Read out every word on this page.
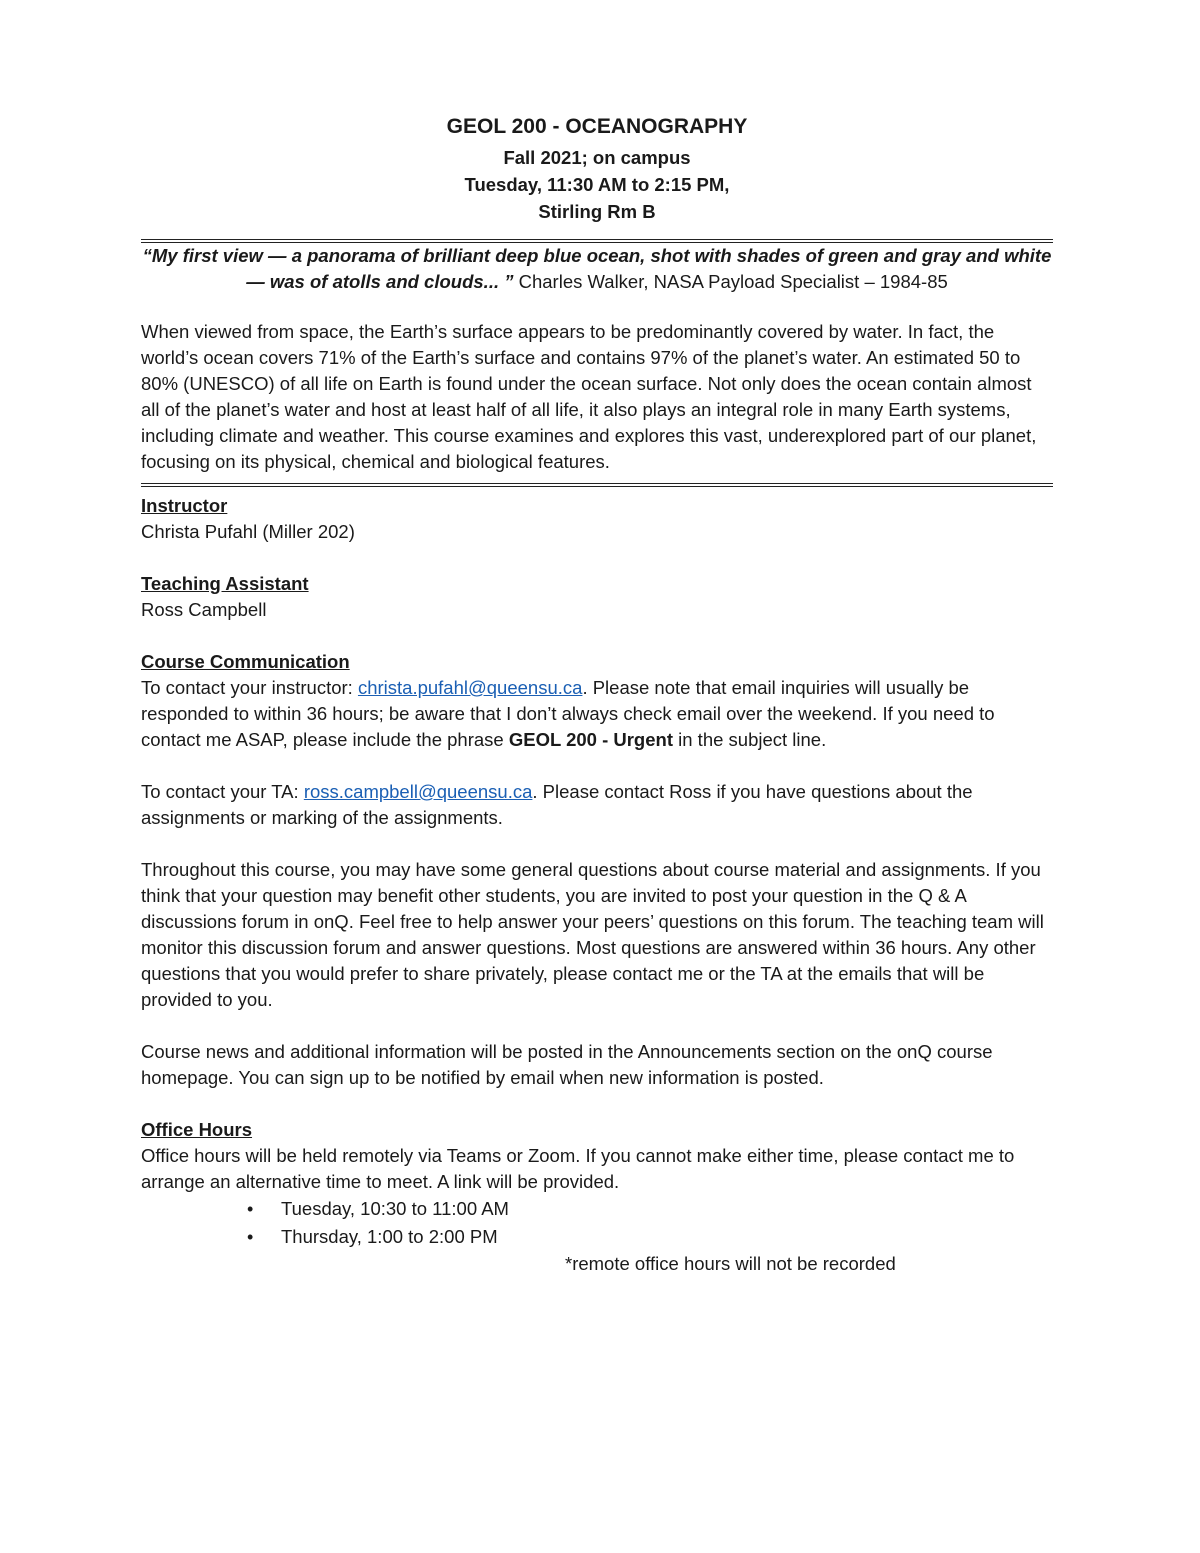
GEOL 200 - OCEANOGRAPHY
Fall 2021; on campus
Tuesday, 11:30 AM to 2:15 PM,
Stirling Rm B

“My first view — a panorama of brilliant deep blue ocean, shot with shades of green and gray and white — was of atolls and clouds... ” Charles Walker, NASA Payload Specialist – 1984-85

When viewed from space, the Earth’s surface appears to be predominantly covered by water. In fact, the world’s ocean covers 71% of the Earth’s surface and contains 97% of the planet’s water. An estimated 50 to 80% (UNESCO) of all life on Earth is found under the ocean surface. Not only does the ocean contain almost all of the planet’s water and host at least half of all life, it also plays an integral role in many Earth systems, including climate and weather. This course examines and explores this vast, underexplored part of our planet, focusing on its physical, chemical and biological features.

Instructor
Christa Pufahl (Miller 202)
Teaching Assistant
Ross Campbell
Course Communication

To contact your instructor: christa.pufahl@queensu.ca. Please note that email inquiries will usually be responded to within 36 hours; be aware that I don’t always check email over the weekend. If you need to contact me ASAP, please include the phrase GEOL 200 - Urgent in the subject line.

To contact your TA: ross.campbell@queensu.ca. Please contact Ross if you have questions about the assignments or marking of the assignments.

Throughout this course, you may have some general questions about course material and assignments. If you think that your question may benefit other students, you are invited to post your question in the Q & A discussions forum in onQ. Feel free to help answer your peers’ questions on this forum. The teaching team will monitor this discussion forum and answer questions. Most questions are answered within 36 hours. Any other questions that you would prefer to share privately, please contact me or the TA at the emails that will be provided to you.

Course news and additional information will be posted in the Announcements section on the onQ course homepage. You can sign up to be notified by email when new information is posted.

Office Hours

Office hours will be held remotely via Teams or Zoom. If you cannot make either time, please contact me to arrange an alternative time to meet. A link will be provided.

• Tuesday, 10:30 to 11:00 AM
• Thursday, 1:00 to 2:00 PM
*remote office hours will not be recorded
